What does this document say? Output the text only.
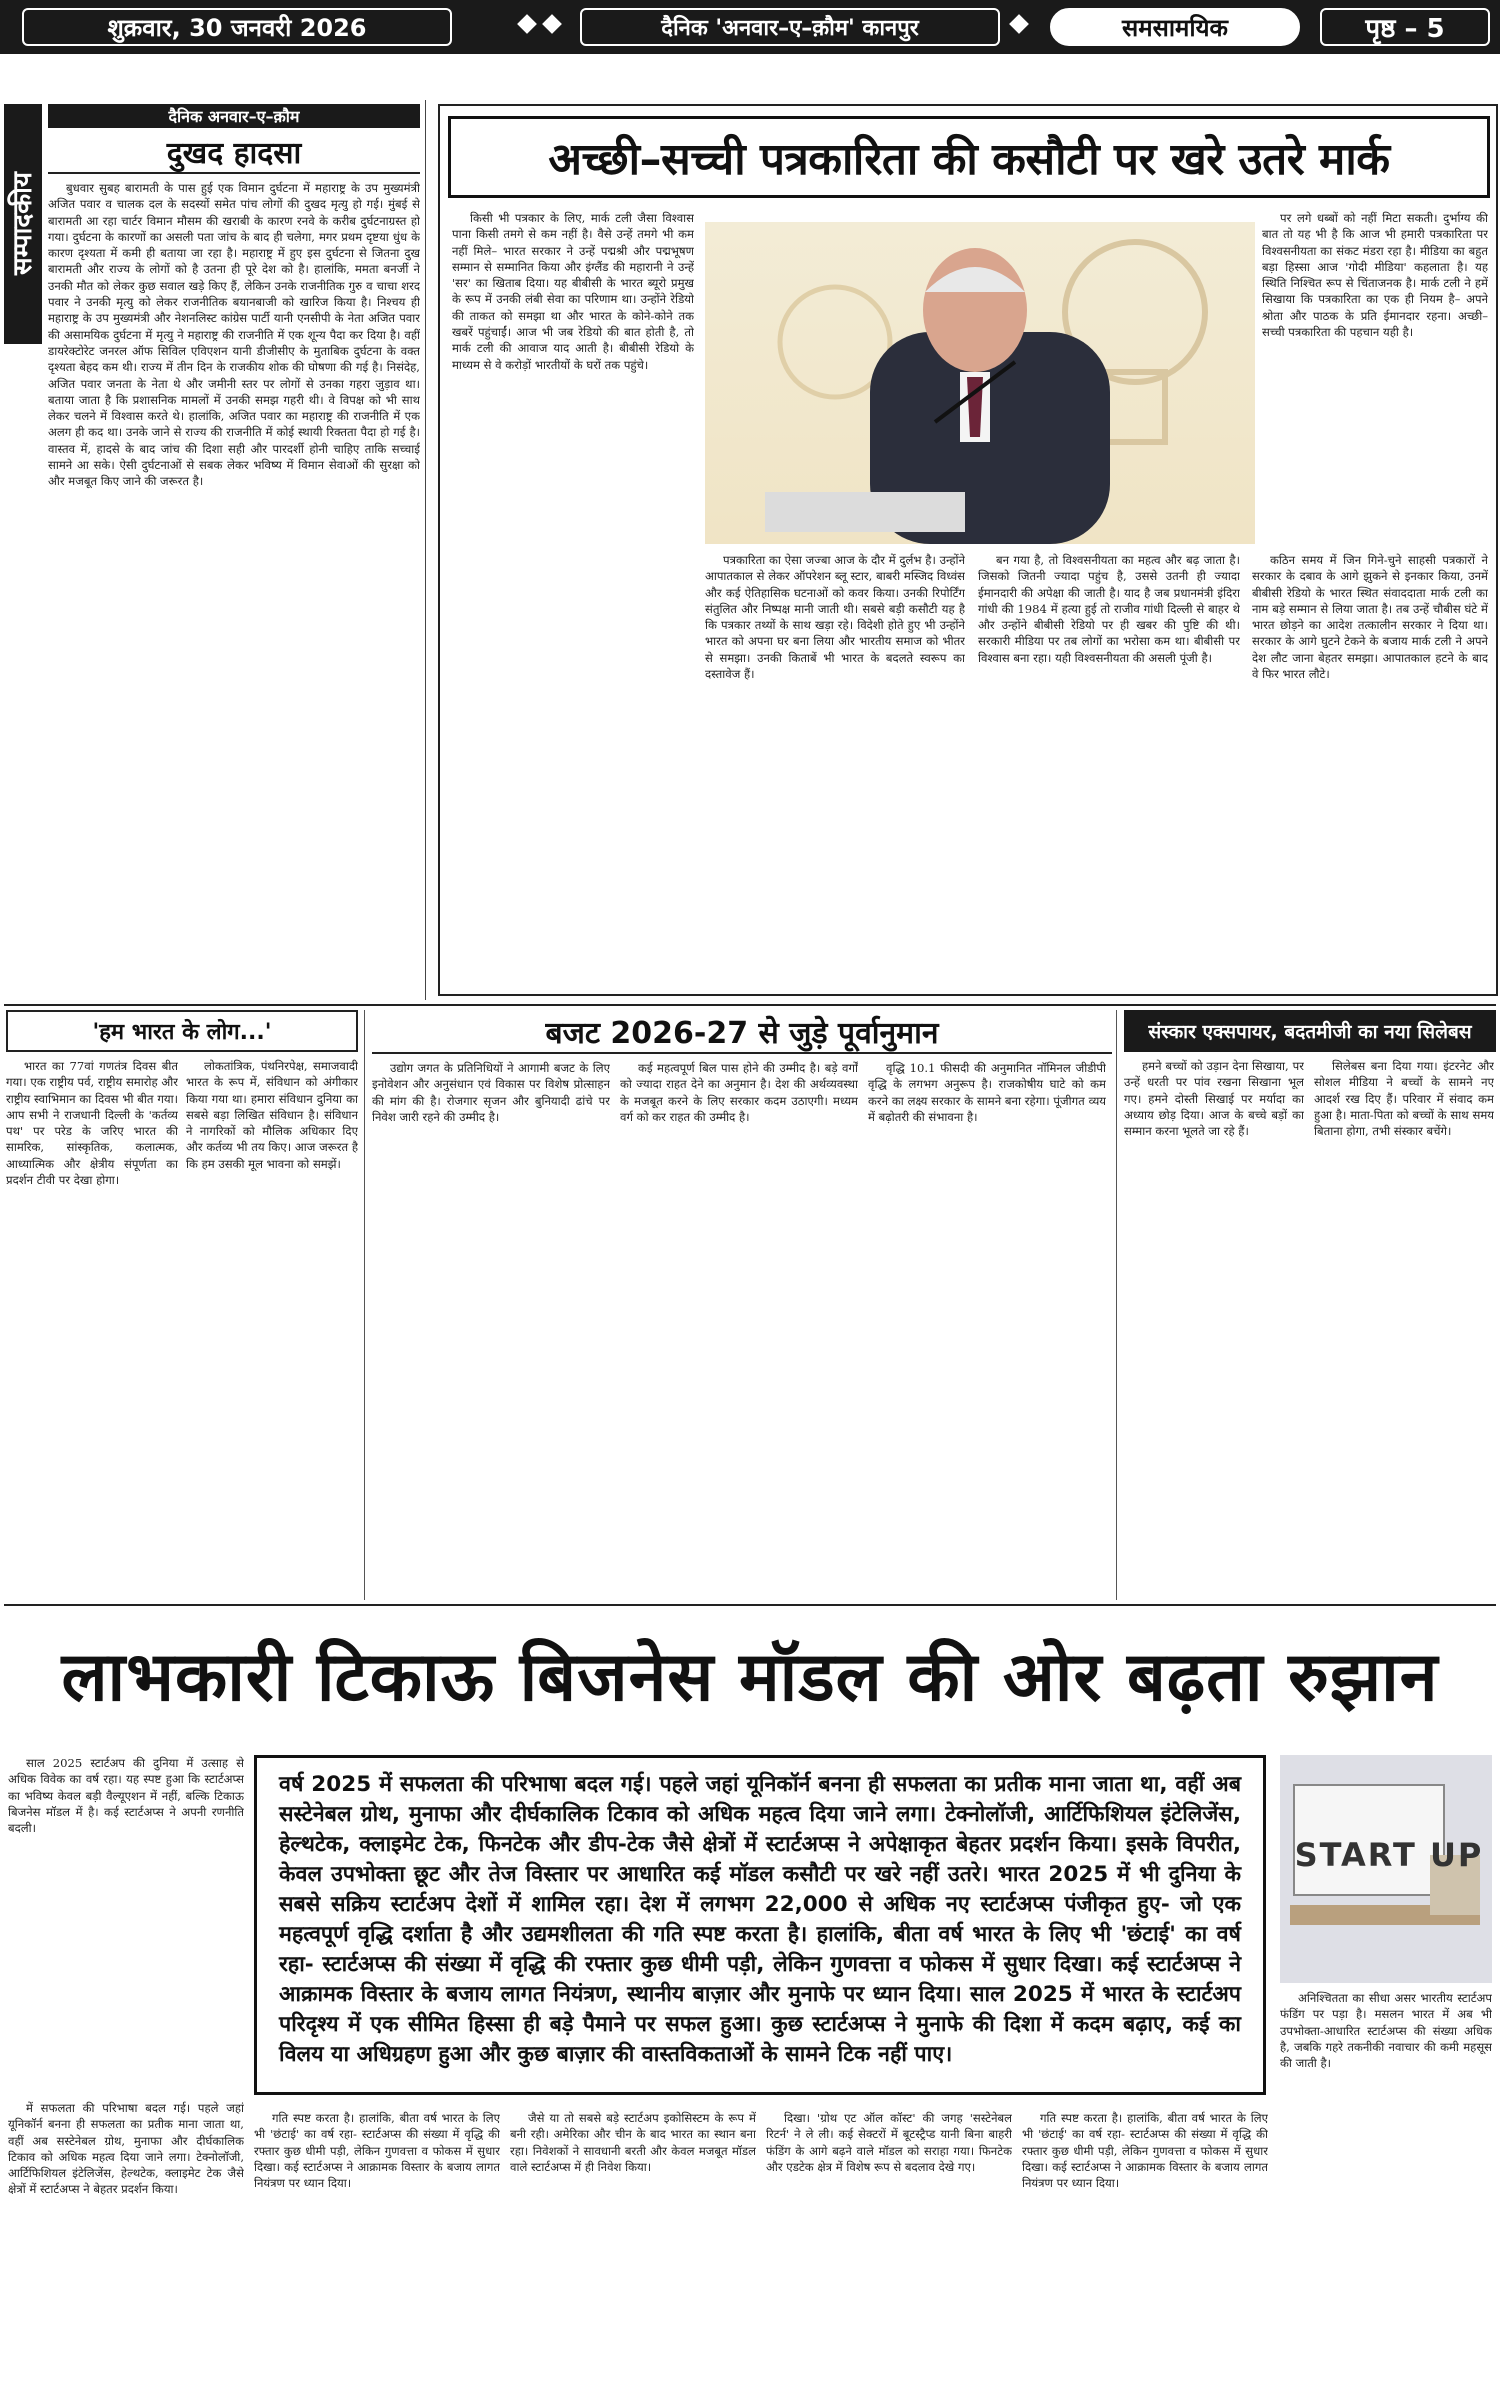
शुक्रवार, 30 जनवरी 2026	दैनिक 'अनवार–ए–क़ौम' कानपुर	समसामयिक	पृष्ठ – 5
सम्पादकीय
दैनिक अनवार–ए–क़ौम
दुखद हादसा

बुधवार सुबह बारामती के पास हुई एक विमान दुर्घटना में महाराष्ट्र के उप मुख्यमंत्री अजित पवार व चालक दल के सदस्यों समेत पांच लोगों की दुखद मृत्यु हो गई। मुंबई से बारामती आ रहा चार्टर विमान मौसम की खराबी के कारण रनवे के करीब दुर्घटनाग्रस्त हो गया। दुर्घटना के कारणों का असली पता जांच के बाद ही चलेगा, मगर प्रथम दृष्टया धुंध के कारण दृश्यता में कमी ही बताया जा रहा है। महाराष्ट्र में हुए इस दुर्घटना से जितना दुख बारामती और राज्य के लोगों को है उतना ही पूरे देश को है। हालांकि, ममता बनर्जी ने उनकी मौत को लेकर कुछ सवाल खड़े किए हैं, लेकिन उनके राजनीतिक गुरु व चाचा शरद पवार ने उनकी मृत्यु को लेकर राजनीतिक बयानबाजी को खारिज किया है। निश्चय ही महाराष्ट्र के उप मुख्यमंत्री और नेशनलिस्ट कांग्रेस पार्टी यानी एनसीपी के नेता अजित पवार की असामयिक दुर्घटना में मृत्यु ने महाराष्ट्र की राजनीति में एक शून्य पैदा कर दिया है। वहीं डायरेक्टोरेट जनरल ऑफ सिविल एविएशन यानी डीजीसीए के मुताबिक दुर्घटना के वक्त दृश्यता बेहद कम थी। राज्य में तीन दिन के राजकीय शोक की घोषणा की गई है। निसंदेह, अजित पवार जनता के नेता थे और जमीनी स्तर पर लोगों से उनका गहरा जुड़ाव था। बताया जाता है कि प्रशासनिक मामलों में उनकी समझ गहरी थी। वे विपक्ष को भी साथ लेकर चलने में विश्वास करते थे। हालांकि, अजित पवार का महाराष्ट्र की राजनीति में एक अलग ही कद था। उनके जाने से राज्य की राजनीति में कोई स्थायी रिक्तता पैदा हो गई है। वास्तव में, हादसे के बाद जांच की दिशा सही और पारदर्शी होनी चाहिए ताकि सच्चाई सामने आ सके। ऐसी दुर्घटनाओं से सबक लेकर भविष्य में विमान सेवाओं की सुरक्षा को और मजबूत किए जाने की जरूरत है।

अच्छी–सच्ची पत्रकारिता की कसौटी पर खरे उतरे मार्क

किसी भी पत्रकार के लिए, मार्क टली जैसा विश्वास पाना किसी तमगे से कम नहीं है। वैसे उन्हें तमगे भी कम नहीं मिले– भारत सरकार ने उन्हें पद्मश्री और पद्मभूषण सम्मान से सम्मानित किया और इंग्लैंड की महारानी ने उन्हें 'सर' का खिताब दिया। यह बीबीसी के भारत ब्यूरो प्रमुख के रूप में उनकी लंबी सेवा का परिणाम था। उन्होंने रेडियो की ताकत को समझा था और भारत के कोने-कोने तक खबरें पहुंचाईं। आज भी जब रेडियो की बात होती है, तो मार्क टली की आवाज याद आती है। बीबीसी रेडियो के माध्यम से वे करोड़ों भारतीयों के घरों तक पहुंचे।

पत्रकारिता का ऐसा जज्बा आज के दौर में दुर्लभ है। उन्होंने आपातकाल से लेकर ऑपरेशन ब्लू स्टार, बाबरी मस्जिद विध्वंस और कई ऐतिहासिक घटनाओं को कवर किया। उनकी रिपोर्टिंग संतुलित और निष्पक्ष मानी जाती थी। सबसे बड़ी कसौटी यह है कि पत्रकार तथ्यों के साथ खड़ा रहे। विदेशी होते हुए भी उन्होंने भारत को अपना घर बना लिया और भारतीय समाज को भीतर से समझा। उनकी किताबें भी भारत के बदलते स्वरूप का दस्तावेज हैं।

बन गया है, तो विश्वसनीयता का महत्व और बढ़ जाता है। जिसको जितनी ज्यादा पहुंच है, उससे उतनी ही ज्यादा ईमानदारी की अपेक्षा की जाती है। याद है जब प्रधानमंत्री इंदिरा गांधी की 1984 में हत्या हुई तो राजीव गांधी दिल्ली से बाहर थे और उन्होंने बीबीसी रेडियो पर ही खबर की पुष्टि की थी। सरकारी मीडिया पर तब लोगों का भरोसा कम था। बीबीसी पर विश्वास बना रहा। यही विश्वसनीयता की असली पूंजी है।

कठिन समय में जिन गिने-चुने साहसी पत्रकारों ने सरकार के दबाव के आगे झुकने से इनकार किया, उनमें बीबीसी रेडियो के भारत स्थित संवाददाता मार्क टली का नाम बड़े सम्मान से लिया जाता है। तब उन्हें चौबीस घंटे में भारत छोड़ने का आदेश तत्कालीन सरकार ने दिया था। सरकार के आगे घुटने टेकने के बजाय मार्क टली ने अपने देश लौट जाना बेहतर समझा। आपातकाल हटने के बाद वे फिर भारत लौटे।

पर लगे धब्बों को नहीं मिटा सकती। दुर्भाग्य की बात तो यह भी है कि आज भी हमारी पत्रकारिता पर विश्वसनीयता का संकट मंडरा रहा है। मीडिया का बहुत बड़ा हिस्सा आज 'गोदी मीडिया' कहलाता है। यह स्थिति निश्चित रूप से चिंताजनक है। मार्क टली ने हमें सिखाया कि पत्रकारिता का एक ही नियम है– अपने श्रोता और पाठक के प्रति ईमानदार रहना। अच्छी–सच्ची पत्रकारिता की पहचान यही है।

'हम भारत के लोग...'

भारत का 77वां गणतंत्र दिवस बीत गया। एक राष्ट्रीय पर्व, राष्ट्रीय समारोह और राष्ट्रीय स्वाभिमान का दिवस भी बीत गया। आप सभी ने राजधानी दिल्ली के 'कर्तव्य पथ' पर परेड के जरिए भारत की सामरिक, सांस्कृतिक, कलात्मक, आध्यात्मिक और क्षेत्रीय संपूर्णता का प्रदर्शन टीवी पर देखा होगा।

लोकतांत्रिक, पंथनिरपेक्ष, समाजवादी भारत के रूप में, संविधान को अंगीकार किया गया था। हमारा संविधान दुनिया का सबसे बड़ा लिखित संविधान है। संविधान ने नागरिकों को मौलिक अधिकार दिए और कर्तव्य भी तय किए। आज जरूरत है कि हम उसकी मूल भावना को समझें।

बजट 2026-27 से जुड़े पूर्वानुमान

उद्योग जगत के प्रतिनिधियों ने आगामी बजट के लिए इनोवेशन और अनुसंधान एवं विकास पर विशेष प्रोत्साहन की मांग की है। रोजगार सृजन और बुनियादी ढांचे पर निवेश जारी रहने की उम्मीद है।

कई महत्वपूर्ण बिल पास होने की उम्मीद है। बड़े वर्गों को ज्यादा राहत देने का अनुमान है। देश की अर्थव्यवस्था के मजबूत करने के लिए सरकार कदम उठाएगी। मध्यम वर्ग को कर राहत की उम्मीद है।

वृद्धि 10.1 फीसदी की अनुमानित नॉमिनल जीडीपी वृद्धि के लगभग अनुरूप है। राजकोषीय घाटे को कम करने का लक्ष्य सरकार के सामने बना रहेगा। पूंजीगत व्यय में बढ़ोतरी की संभावना है।

संस्कार एक्सपायर, बदतमीजी का नया सिलेबस

हमने बच्चों को उड़ान देना सिखाया, पर उन्हें धरती पर पांव रखना सिखाना भूल गए। हमने दोस्ती सिखाई पर मर्यादा का अध्याय छोड़ दिया। आज के बच्चे बड़ों का सम्मान करना भूलते जा रहे हैं।

सिलेबस बना दिया गया। इंटरनेट और सोशल मीडिया ने बच्चों के सामने नए आदर्श रख दिए हैं। परिवार में संवाद कम हुआ है। माता-पिता को बच्चों के साथ समय बिताना होगा, तभी संस्कार बचेंगे।

लाभकारी टिकाऊ बिजनेस मॉडल की ओर बढ़ता रुझान

साल 2025 स्टार्टअप की दुनिया में उत्साह से अधिक विवेक का वर्ष रहा। यह स्पष्ट हुआ कि स्टार्टअप्स का भविष्य केवल बड़ी वैल्यूएशन में नहीं, बल्कि टिकाऊ बिजनेस मॉडल में है। कई स्टार्टअप्स ने अपनी रणनीति बदली।

वर्ष 2025 में सफलता की परिभाषा बदल गई। पहले जहां यूनिकॉर्न बनना ही सफलता का प्रतीक माना जाता था, वहीं अब सस्टेनेबल ग्रोथ, मुनाफा और दीर्घकालिक टिकाव को अधिक महत्व दिया जाने लगा। टेक्नोलॉजी, आर्टिफिशियल इंटेलिजेंस, हेल्थटेक, क्लाइमेट टेक, फिनटेक और डीप-टेक जैसे क्षेत्रों में स्टार्टअप्स ने अपेक्षाकृत बेहतर प्रदर्शन किया। इसके विपरीत, केवल उपभोक्ता छूट और तेज विस्तार पर आधारित कई मॉडल कसौटी पर खरे नहीं उतरे। भारत 2025 में भी दुनिया के सबसे सक्रिय स्टार्टअप देशों में शामिल रहा। देश में लगभग 22,000 से अधिक नए स्टार्टअप्स पंजीकृत हुए- जो एक महत्वपूर्ण वृद्धि दर्शाता है और उद्यमशीलता की गति स्पष्ट करता है। हालांकि, बीता वर्ष भारत के लिए भी 'छंटाई' का वर्ष रहा- स्टार्टअप्स की संख्या में वृद्धि की रफ्तार कुछ धीमी पड़ी, लेकिन गुणवत्ता व फोकस में सुधार दिखा। कई स्टार्टअप्स ने आक्रामक विस्तार के बजाय लागत नियंत्रण, स्थानीय बाज़ार और मुनाफे पर ध्यान दिया। साल 2025 में भारत के स्टार्टअप परिदृश्य में एक सीमित हिस्सा ही बड़े पैमाने पर सफल हुआ। कुछ स्टार्टअप्स ने मुनाफे की दिशा में कदम बढ़ाए, कई का विलय या अधिग्रहण हुआ और कुछ बाज़ार की वास्तविकताओं के सामने टिक नहीं पाए।
START UP

अनिश्चितता का सीधा असर भारतीय स्टार्टअप फंडिंग पर पड़ा है। मसलन भारत में अब भी उपभोक्ता-आधारित स्टार्टअप्स की संख्या अधिक है, जबकि गहरे तकनीकी नवाचार की कमी महसूस की जाती है।

में सफलता की परिभाषा बदल गई। पहले जहां यूनिकॉर्न बनना ही सफलता का प्रतीक माना जाता था, वहीं अब सस्टेनेबल ग्रोथ, मुनाफा और दीर्घकालिक टिकाव को अधिक महत्व दिया जाने लगा। टेक्नोलॉजी, आर्टिफिशियल इंटेलिजेंस, हेल्थटेक, क्लाइमेट टेक जैसे क्षेत्रों में स्टार्टअप्स ने बेहतर प्रदर्शन किया।

गति स्पष्ट करता है। हालांकि, बीता वर्ष भारत के लिए भी 'छंटाई' का वर्ष रहा- स्टार्टअप्स की संख्या में वृद्धि की रफ्तार कुछ धीमी पड़ी, लेकिन गुणवत्ता व फोकस में सुधार दिखा। कई स्टार्टअप्स ने आक्रामक विस्तार के बजाय लागत नियंत्रण पर ध्यान दिया।

जैसे या तो सबसे बड़े स्टार्टअप इकोसिस्टम के रूप में बनी रही। अमेरिका और चीन के बाद भारत का स्थान बना रहा। निवेशकों ने सावधानी बरती और केवल मजबूत मॉडल वाले स्टार्टअप्स में ही निवेश किया।

दिखा। 'ग्रोथ एट ऑल कॉस्ट' की जगह 'सस्टेनेबल रिटर्न' ने ले ली। कई सेक्टरों में बूटस्ट्रैप्ड यानी बिना बाहरी फंडिंग के आगे बढ़ने वाले मॉडल को सराहा गया। फिनटेक और एडटेक क्षेत्र में विशेष रूप से बदलाव देखे गए।

गति स्पष्ट करता है। हालांकि, बीता वर्ष भारत के लिए भी 'छंटाई' का वर्ष रहा- स्टार्टअप्स की संख्या में वृद्धि की रफ्तार कुछ धीमी पड़ी, लेकिन गुणवत्ता व फोकस में सुधार दिखा। कई स्टार्टअप्स ने आक्रामक विस्तार के बजाय लागत नियंत्रण पर ध्यान दिया।
